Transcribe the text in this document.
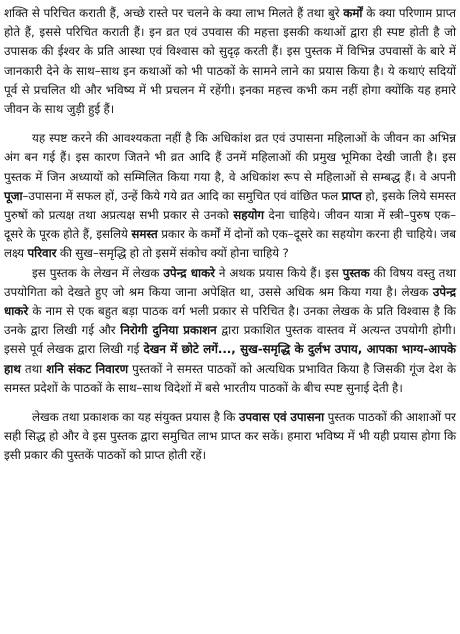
शक्ति से परिचित कराती हैं, अच्छे रास्ते पर चलने के क्या लाभ मिलते हैं तथा बुरे कर्मों के क्या परिणाम प्राप्त होते हैं, इससे परिचित कराती हैं। इन व्रत एवं उपवास की महत्ता इसकी कथाओं द्वारा ही स्पष्ट होती है जो उपासक की ईश्वर के प्रति आस्था एवं विश्वास को सुदृढ़ करती हैं। इस पुस्तक में विभिन्न उपवासों के बारे में जानकारी देने के साथ–साथ इन कथाओं को भी पाठकों के सामने लाने का प्रयास किया है। ये कथाएं सदियों पूर्व से प्रचलित थी और भविष्य में भी प्रचलन में रहेंगी। इनका महत्त्व कभी कम नहीं होगा क्योंकि यह हमारे जीवन के साथ जुड़ी हुई हैं।

यह स्पष्ट करने की आवश्यकता नहीं है कि अधिकांश व्रत एवं उपासना महिलाओं के जीवन का अभिन्न अंग बन गई हैं। इस कारण जितने भी व्रत आदि हैं उनमें महिलाओं की प्रमुख भूमिका देखी जाती है। इस पुस्तक में जिन अध्यायों को सम्मिलित किया गया है, वे अधिकांश रूप से महिलाओं से सम्बद्ध हैं। वे अपनी पूजा–उपासना में सफल हों, उन्हें किये गये व्रत आदि का समुचित एवं वांछित फल प्राप्त हो, इसके लिये समस्त पुरुषों को प्रत्यक्ष तथा अप्रत्यक्ष सभी प्रकार से उनको सहयोग देना चाहिये। जीवन यात्रा में स्त्री–पुरुष एक–दूसरे के पूरक होते हैं, इसलिये समस्त प्रकार के कर्मों में दोनों को एक–दूसरे का सहयोग करना ही चाहिये। जब लक्ष्य परिवार की सुख–समृद्धि हो तो इसमें संकोच क्यों होना चाहिये ?

इस पुस्तक के लेखन में लेखक उपेन्द्र धाकरे ने अथक प्रयास किये हैं। इस पुस्तक की विषय वस्तु तथा उपयोगिता को देखते हुए जो श्रम किया जाना अपेक्षित था, उससे अधिक श्रम किया गया है। लेखक उपेन्द्र धाकरे के नाम से एक बहुत बड़ा पाठक वर्ग भली प्रकार से परिचित है। उनका लेखक के प्रति विश्वास है कि उनके द्वारा लिखी गई और निरोगी दुनिया प्रकाशन द्वारा प्रकाशित पुस्तक वास्तव में अत्यन्त उपयोगी होगी। इससे पूर्व लेखक द्वारा लिखी गई देखन में छोटे लगें..., सुख-समृद्धि के दुर्लभ उपाय, आपका भाग्य-आपके हाथ तथा शनि संकट निवारण पुस्तकों ने समस्त पाठकों को अत्यधिक प्रभावित किया है जिसकी गूंज देश के समस्त प्रदेशों के पाठकों के साथ–साथ विदेशों में बसे भारतीय पाठकों के बीच स्पष्ट सुनाई देती है।

लेखक तथा प्रकाशक का यह संयुक्त प्रयास है कि उपवास एवं उपासना पुस्तक पाठकों की आशाओं पर सही सिद्ध हो और वे इस पुस्तक द्वारा समुचित लाभ प्राप्त कर सकें। हमारा भविष्य में भी यही प्रयास होगा कि इसी प्रकार की पुस्तकें पाठकों को प्राप्त होती रहें।
